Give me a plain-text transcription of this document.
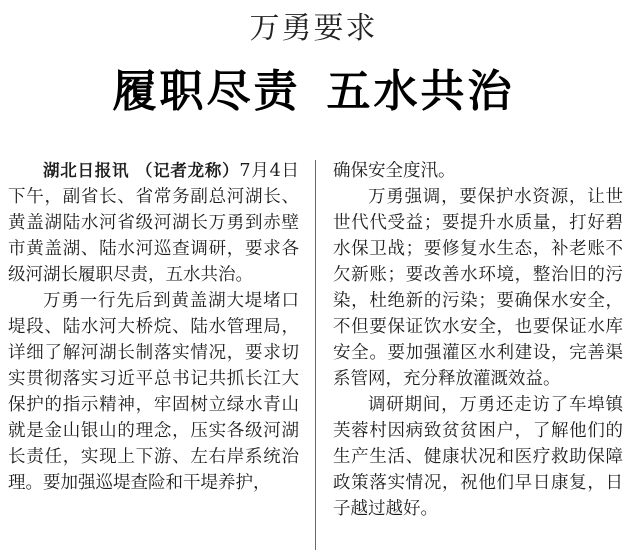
万勇要求
履职尽责 五水共治

湖北日报讯 （记者龙称）7月4日下午，副省长、省常务副总河湖长、黄盖湖陆水河省级河湖长万勇到赤壁市黄盖湖、陆水河巡查调研，要求各级河湖长履职尽责，五水共治。

万勇一行先后到黄盖湖大堤堵口堤段、陆水河大桥烷、陆水管理局，详细了解河湖长制落实情况，要求切实贯彻落实习近平总书记共抓长江大保护的指示精神，牢固树立绿水青山就是金山银山的理念，压实各级河湖长责任，实现上下游、左右岸系统治理。要加强巡堤查险和干堤养护，

确保安全度汛。

万勇强调，要保护水资源，让世世代代受益；要提升水质量，打好碧水保卫战；要修复水生态，补老账不欠新账；要改善水环境，整治旧的污染，杜绝新的污染；要确保水安全，不但要保证饮水安全，也要保证水库安全。要加强灌区水利建设，完善渠系管网，充分释放灌溉效益。

调研期间，万勇还走访了车埠镇芙蓉村因病致贫贫困户，了解他们的生产生活、健康状况和医疗救助保障政策落实情况，祝他们早日康复，日子越过越好。
